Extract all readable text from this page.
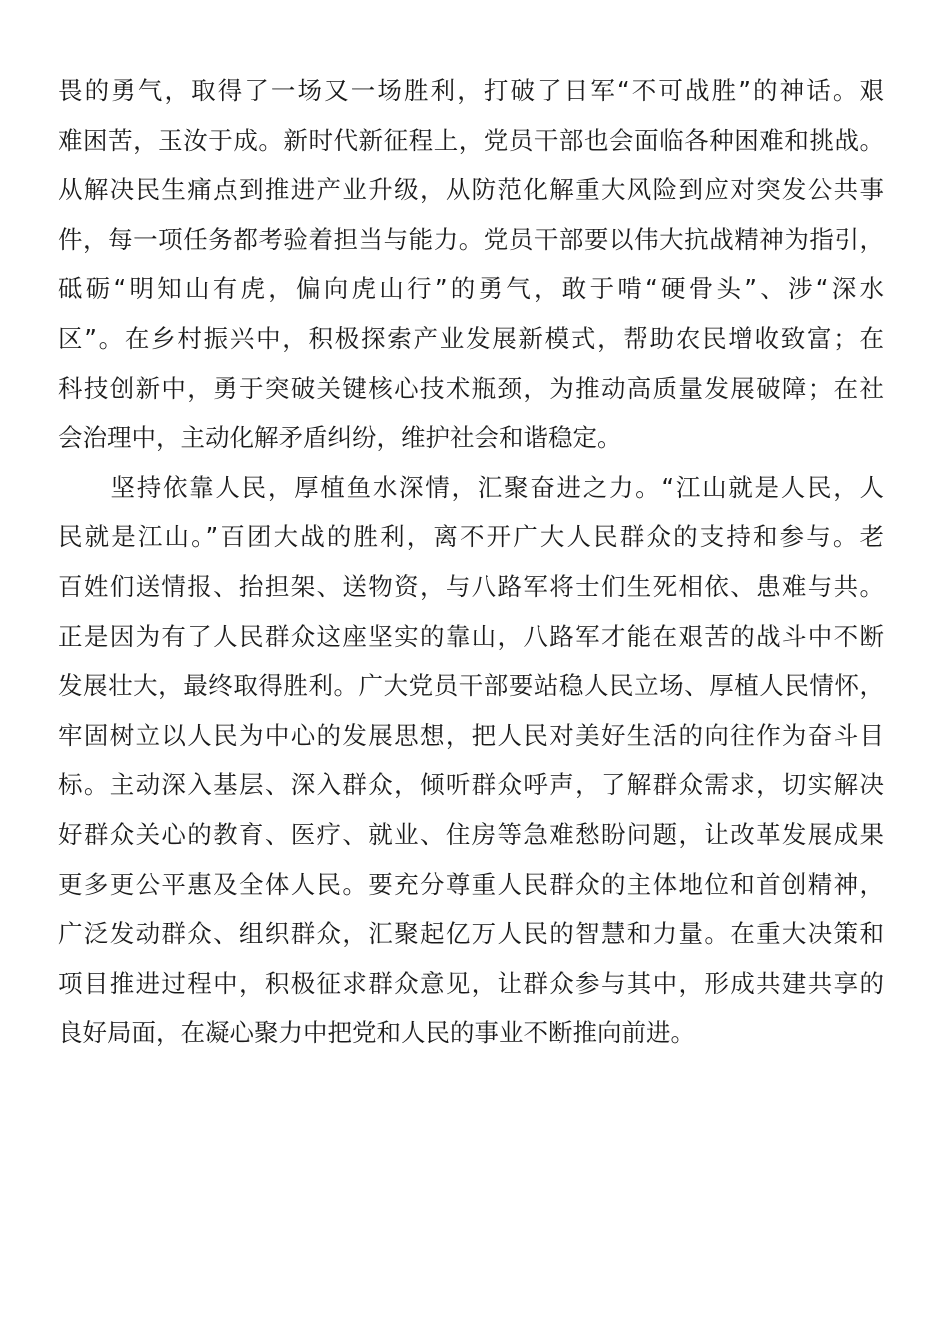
畏的勇气，取得了一场又一场胜利，打破了日军“不可战胜”的神话。艰
难困苦，玉汝于成。新时代新征程上，党员干部也会面临各种困难和挑战。
从解决民生痛点到推进产业升级，从防范化解重大风险到应对突发公共事
件，每一项任务都考验着担当与能力。党员干部要以伟大抗战精神为指引，
砥砺“明知山有虎，偏向虎山行”的勇气，敢于啃“硬骨头”、涉“深水
区”。在乡村振兴中，积极探索产业发展新模式，帮助农民增收致富；在
科技创新中，勇于突破关键核心技术瓶颈，为推动高质量发展破障；在社
会治理中，主动化解矛盾纠纷，维护社会和谐稳定。
　　坚持依靠人民，厚植鱼水深情，汇聚奋进之力。“江山就是人民，人
民就是江山。”百团大战的胜利，离不开广大人民群众的支持和参与。老
百姓们送情报、抬担架、送物资，与八路军将士们生死相依、患难与共。
正是因为有了人民群众这座坚实的靠山，八路军才能在艰苦的战斗中不断
发展壮大，最终取得胜利。广大党员干部要站稳人民立场、厚植人民情怀，
牢固树立以人民为中心的发展思想，把人民对美好生活的向往作为奋斗目
标。主动深入基层、深入群众，倾听群众呼声，了解群众需求，切实解决
好群众关心的教育、医疗、就业、住房等急难愁盼问题，让改革发展成果
更多更公平惠及全体人民。要充分尊重人民群众的主体地位和首创精神，
广泛发动群众、组织群众，汇聚起亿万人民的智慧和力量。在重大决策和
项目推进过程中，积极征求群众意见，让群众参与其中，形成共建共享的
良好局面，在凝心聚力中把党和人民的事业不断推向前进。
